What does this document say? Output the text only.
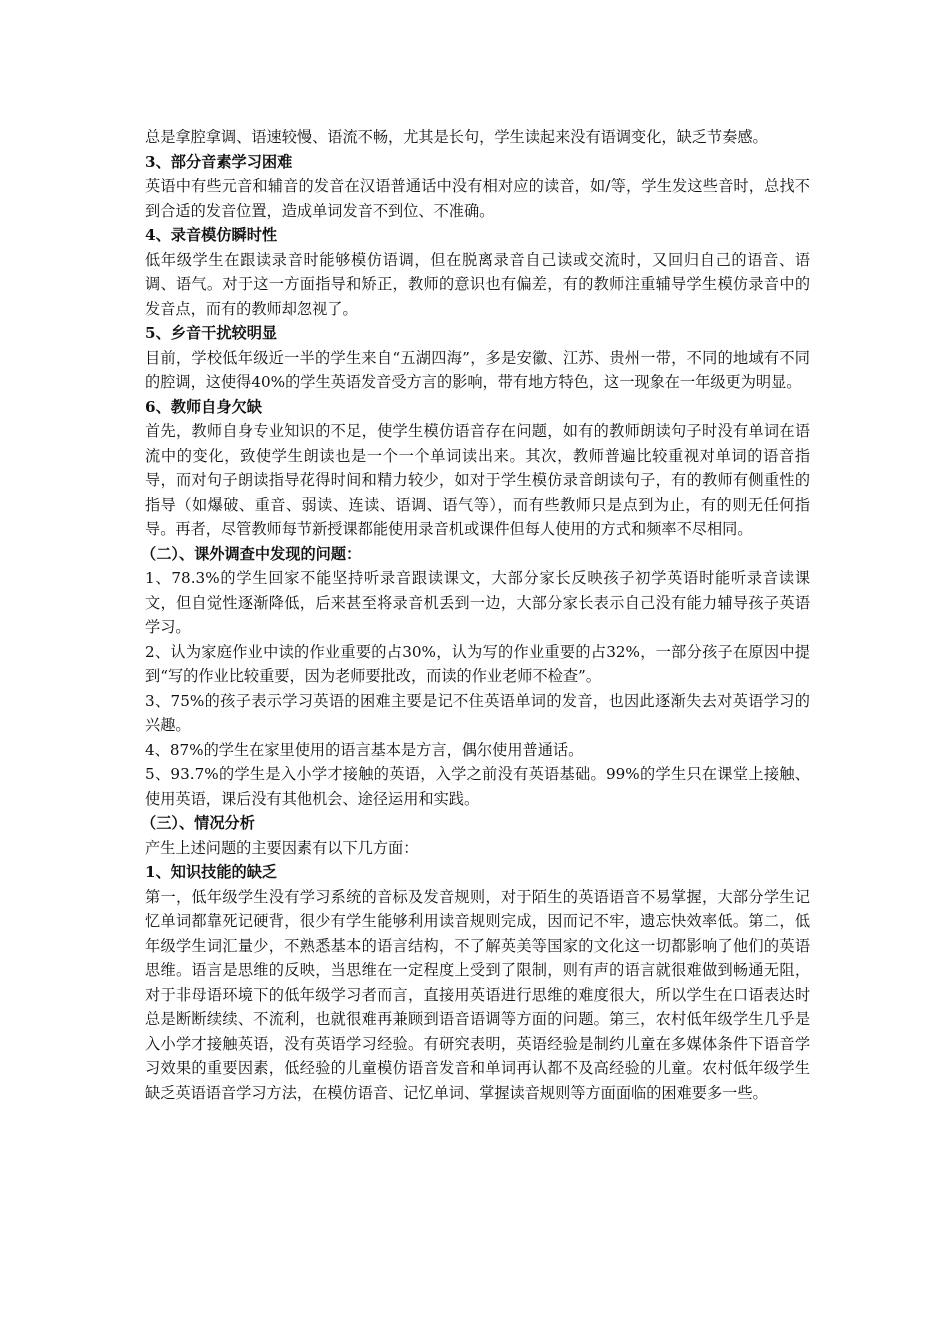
总是拿腔拿调、语速较慢、语流不畅，尤其是长句，学生读起来没有语调变化，缺乏节奏感。

3、部分音素学习困难

英语中有些元音和辅音的发音在汉语普通话中没有相对应的读音，如/等，学生发这些音时，总找不到合适的发音位置，造成单词发音不到位、不准确。

4、录音模仿瞬时性

低年级学生在跟读录音时能够模仿语调，但在脱离录音自己读或交流时，又回归自己的语音、语调、语气。对于这一方面指导和矫正，教师的意识也有偏差，有的教师注重辅导学生模仿录音中的发音点，而有的教师却忽视了。

5、乡音干扰较明显

目前，学校低年级近一半的学生来自“五湖四海”，多是安徽、江苏、贵州一带，不同的地域有不同的腔调，这使得40%的学生英语发音受方言的影响，带有地方特色，这一现象在一年级更为明显。

6、教师自身欠缺

首先，教师自身专业知识的不足，使学生模仿语音存在问题，如有的教师朗读句子时没有单词在语流中的变化，致使学生朗读也是一个一个单词读出来。其次，教师普遍比较重视对单词的语音指导，而对句子朗读指导花得时间和精力较少，如对于学生模仿录音朗读句子，有的教师有侧重性的指导（如爆破、重音、弱读、连读、语调、语气等），而有些教师只是点到为止，有的则无任何指导。再者，尽管教师每节新授课都能使用录音机或课件但每人使用的方式和频率不尽相同。

（二）、课外调查中发现的问题：

1、78.3%的学生回家不能坚持听录音跟读课文，大部分家长反映孩子初学英语时能听录音读课文，但自觉性逐渐降低，后来甚至将录音机丢到一边，大部分家长表示自己没有能力辅导孩子英语学习。

2、认为家庭作业中读的作业重要的占30%，认为写的作业重要的占32%，一部分孩子在原因中提到“写的作业比较重要，因为老师要批改，而读的作业老师不检查”。

3、75%的孩子表示学习英语的困难主要是记不住英语单词的发音，也因此逐渐失去对英语学习的兴趣。

4、87%的学生在家里使用的语言基本是方言，偶尔使用普通话。

5、93.7%的学生是入小学才接触的英语，入学之前没有英语基础。99%的学生只在课堂上接触、使用英语，课后没有其他机会、途径运用和实践。

（三）、情况分析

产生上述问题的主要因素有以下几方面：

1、知识技能的缺乏

第一，低年级学生没有学习系统的音标及发音规则，对于陌生的英语语音不易掌握，大部分学生记忆单词都靠死记硬背，很少有学生能够利用读音规则完成，因而记不牢，遗忘快效率低。第二，低年级学生词汇量少，不熟悉基本的语言结构，不了解英美等国家的文化这一切都影响了他们的英语思维。语言是思维的反映，当思维在一定程度上受到了限制，则有声的语言就很难做到畅通无阻，对于非母语环境下的低年级学习者而言，直接用英语进行思维的难度很大，所以学生在口语表达时总是断断续续、不流利，也就很难再兼顾到语音语调等方面的问题。第三，农村低年级学生几乎是入小学才接触英语，没有英语学习经验。有研究表明，英语经验是制约儿童在多媒体条件下语音学习效果的重要因素，低经验的儿童模仿语音发音和单词再认都不及高经验的儿童。农村低年级学生缺乏英语语音学习方法，在模仿语音、记忆单词、掌握读音规则等方面面临的困难要多一些。
